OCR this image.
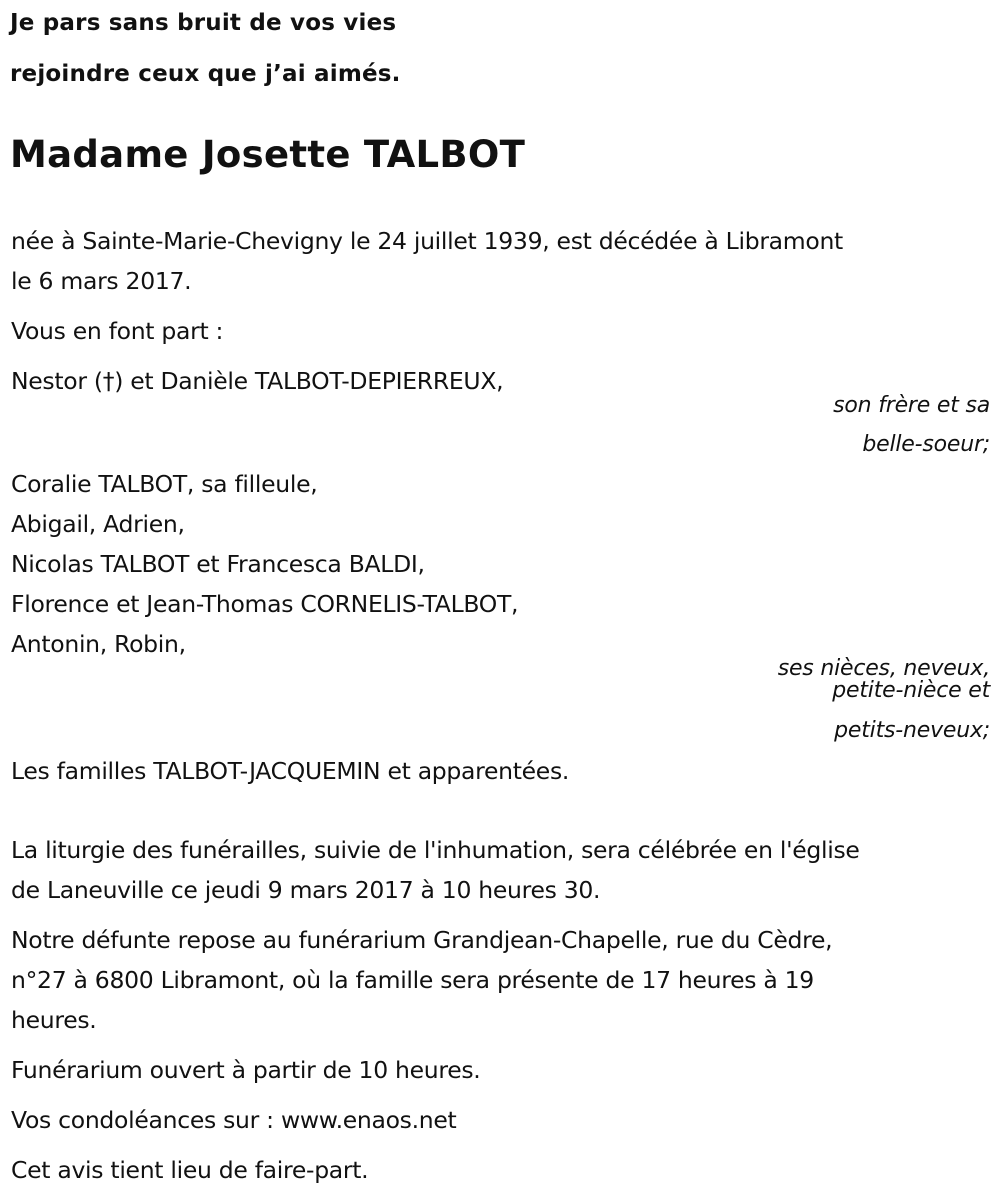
Je pars sans bruit de vos vies
rejoindre ceux que j’ai aimés.
Madame Josette TALBOT
née à Sainte-Marie-Chevigny le 24 juillet 1939, est décédée à Libramont
le 6 mars 2017.
Vous en font part :
Nestor (†) et Danièle TALBOT-DEPIERREUX,
son frère et sa
belle-soeur;
Coralie TALBOT, sa filleule,
Abigail, Adrien,
Nicolas TALBOT et Francesca BALDI,
Florence et Jean-Thomas CORNELIS-TALBOT,
Antonin, Robin,
ses nièces, neveux,
petite-nièce et
petits-neveux;
Les familles TALBOT-JACQUEMIN et apparentées.
La liturgie des funérailles, suivie de l'inhumation, sera célébrée en l'église
de Laneuville ce jeudi 9 mars 2017 à 10 heures 30.
Notre défunte repose au funérarium Grandjean-Chapelle, rue du Cèdre,
n°27 à 6800 Libramont, où la famille sera présente de 17 heures à 19
heures.
Funérarium ouvert à partir de 10 heures.
Vos condoléances sur : www.enaos.net
Cet avis tient lieu de faire-part.
